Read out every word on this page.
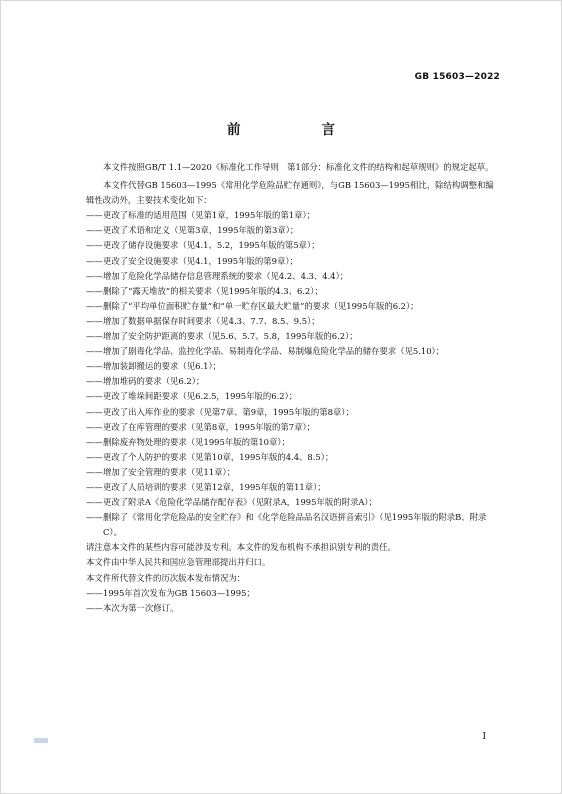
GB 15603—2022
前　　言

本文件按照GB/T 1.1—2020《标准化工作导则　第1部分：标准化文件的结构和起草规则》的规定起草。

本文件代替GB 15603—1995《常用化学危险品贮存通则》，与GB 15603—1995相比，除结构调整和编辑性改动外，主要技术变化如下：

——更改了标准的适用范围（见第1章，1995年版的第1章）；
——更改了术语和定义（见第3章，1995年版的第3章）；
——更改了储存设施要求（见4.1、5.2，1995年版的第5章）；
——更改了安全设施要求（见4.1，1995年版的第9章）；
——增加了危险化学品储存信息管理系统的要求（见4.2、4.3、4.4）；
——删除了“露天堆放”的相关要求（见1995年版的4.3、6.2）；
——删除了“平均单位面积贮存量”和“单一贮存区最大贮量”的要求（见1995年版的6.2）；
——增加了数据单据保存时间要求（见4.3、7.7、8.5、9.5）；
——增加了安全防护距离的要求（见5.6、5.7、5.8，1995年版的6.2）；
——增加了剧毒化学品、监控化学品、易制毒化学品、易制爆危险化学品的储存要求（见5.10）；
——增加装卸搬运的要求（见6.1）；
——增加堆码的要求（见6.2）；
——更改了堆垛间距要求（见6.2.5，1995年版的6.2）；
——更改了出入库作业的要求（见第7章、第9章，1995年版的第8章）；
——更改了在库管理的要求（见第8章，1995年版的第7章）；
——删除废弃物处理的要求（见1995年版的第10章）；
——更改了个人防护的要求（见第10章，1995年版的4.4、8.5）；
——增加了安全管理的要求（见11章）；
——更改了人员培训的要求（见第12章，1995年版的第11章）；
——更改了附录A《危险化学品储存配存表》（见附录A，1995年版的附录A）；
——删除了《常用化学危险品的安全贮存》和《化学危险品品名汉语拼音索引》（见1995年版的附录B、附录C）。

请注意本文件的某些内容可能涉及专利。本文件的发布机构不承担识别专利的责任。

本文件由中华人民共和国应急管理部提出并归口。

本文件所代替文件的历次版本发布情况为：

——1995年首次发布为GB 15603—1995；
——本次为第一次修订。
I
